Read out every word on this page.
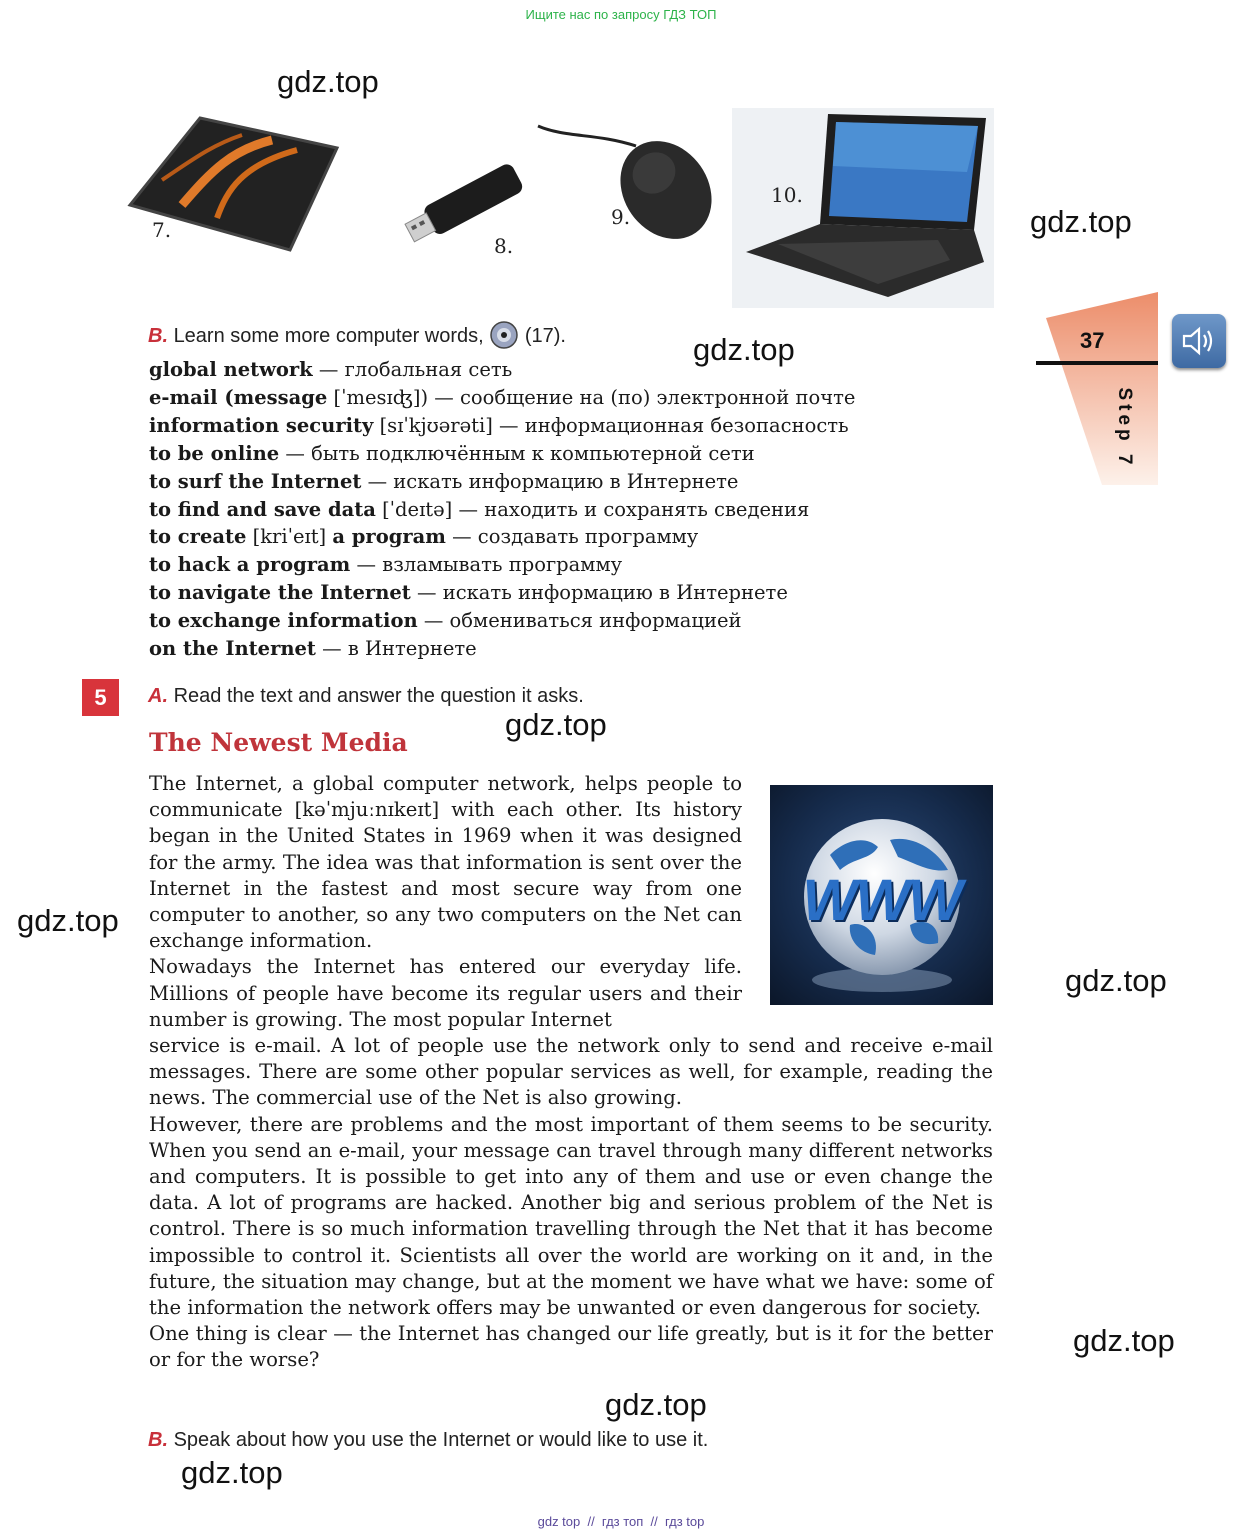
Ищите нас по запросу ГДЗ ТОП
7.
8.
9.
10.
gdz.top
gdz.top
gdz.top
gdz.top
gdz.top
gdz.top
gdz.top
gdz.top
gdz.top
37
Step 7
B. Learn some more computer words, (17).
global network — глобальная сеть
e-mail (message [ˈmesɪʤ]) — сообщение на (по) электронной почте
information security [sɪˈkjʊərəti] — информационная безопасность
to be online — быть подключённым к компьютерной сети
to surf the Internet — искать информацию в Интернете
to find and save data [ˈdeɪtə] — находить и сохранять сведения
to create [kriˈeɪt] a program — создавать программу
to hack a program — взламывать программу
to navigate the Internet — искать информацию в Интернете
to exchange information — обмениваться информацией
on the Internet — в Интернете
5	A. Read the text and answer the question it asks.
The Newest Media
WWW

The Internet, a global computer network, helps people to communicate [kəˈmjuːnɪkeɪt] with each other. Its history began in the United States in 1969 when it was designed for the army. The idea was that information is sent over the Internet in the fastest and most secure way from one computer to another, so any two computers on the Net can exchange information.

Nowadays the Internet has entered our everyday life. Millions of people have become its regular users and their number is growing. The most popular Internet

service is e-mail. A lot of people use the network only to send and receive e-mail messages. There are some other popular services as well, for example, reading the news. The commercial use of the Net is also growing.

However, there are problems and the most important of them seems to be security. When you send an e-mail, your message can travel through many different networks and computers. It is possible to get into any of them and use or even change the data. A lot of programs are hacked. Another big and serious problem of the Net is control. There is so much information travelling through the Net that it has become impossible to control it. Scientists all over the world are working on it and, in the future, the situation may change, but at the moment we have what we have: some of the information the network offers may be unwanted or even dangerous for society.

One thing is clear — the Internet has changed our life greatly, but is it for the better or for the worse?

B. Speak about how you use the Internet or would like to use it.
gdz top  //  гдз топ  //  гдз top
